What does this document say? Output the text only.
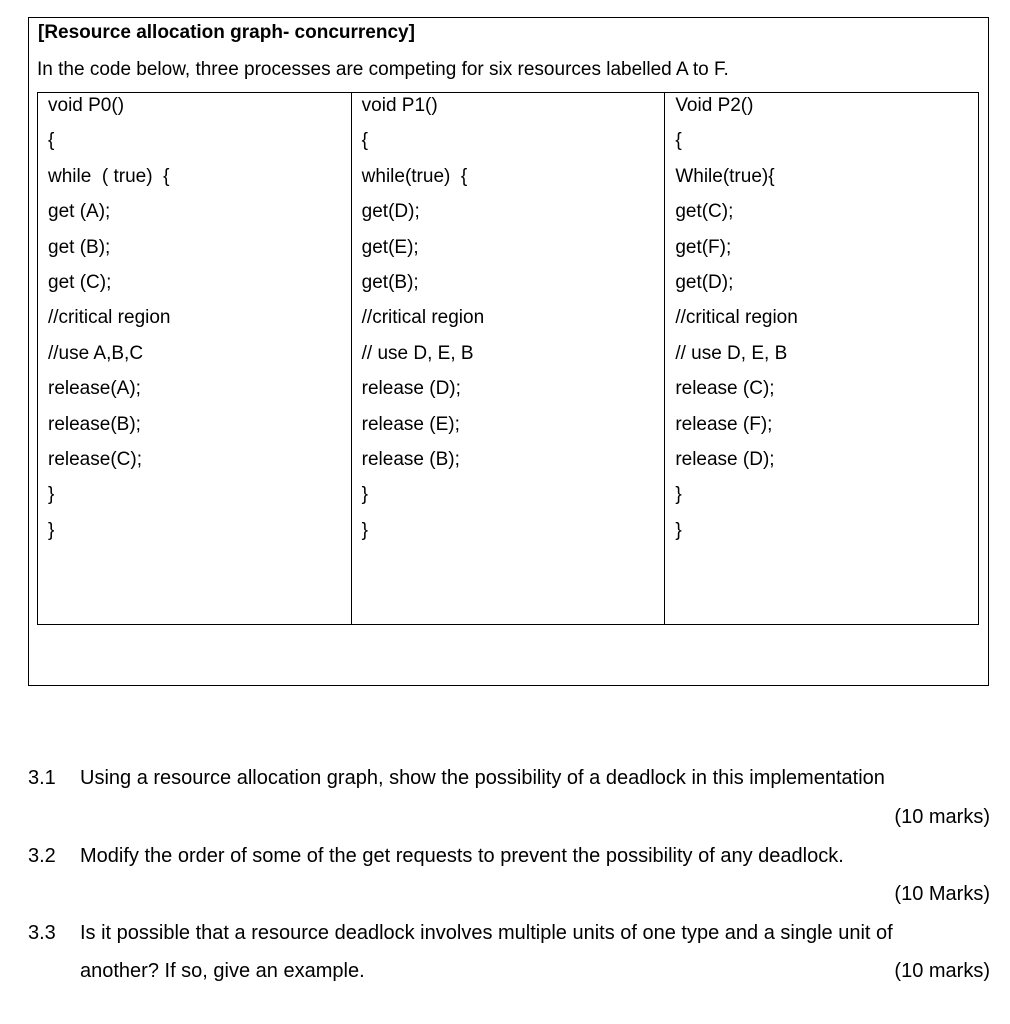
[Resource allocation graph- concurrency]
In the code below, three processes are competing for six resources labelled A to F.
void P0()
{
while  ( true)  {
get (A);
get (B);
get (C);
//critical region
//use A,B,C
release(A);
release(B);
release(C);
}
}

void P1()
{
while(true)  {
get(D);
get(E);
get(B);
//critical region
// use D, E, B
release (D);
release (E);
release (B);
}
}

Void P2()
{
While(true){
get(C);
get(F);
get(D);
//critical region
// use D, E, B
release (C);
release (F);
release (D);
}
}
3.1 Using a resource allocation graph, show the possibility of a deadlock in this implementation
(10 marks)
3.2 Modify the order of some of the get requests to prevent the possibility of any deadlock.
(10 Marks)
3.3 Is it possible that a resource deadlock involves multiple units of one type and a single unit of
another? If so, give an example.	(10 marks)
